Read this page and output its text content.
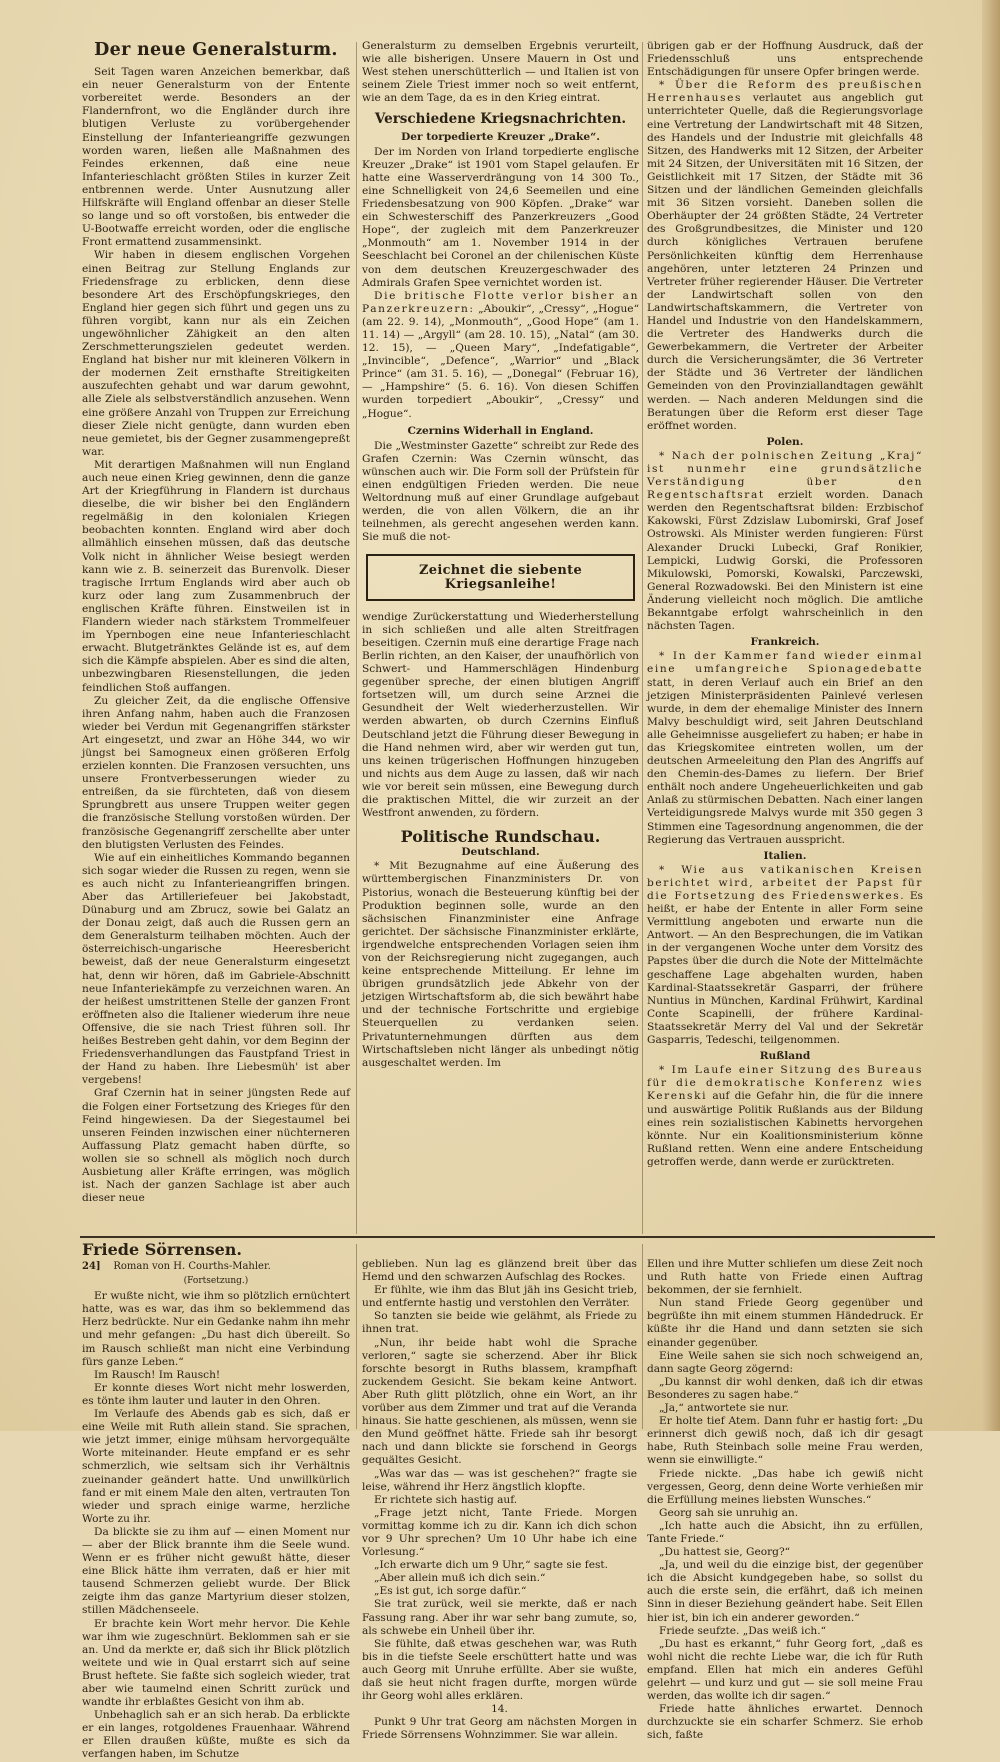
Der neue Generalsturm.

Seit Tagen waren Anzeichen bemerkbar, daß ein neuer Generalsturm von der Entente vorbereitet werde. Besonders an der Flandernfront, wo die Engländer durch ihre blutigen Verluste zu vorübergehender Einstellung der Infanterieangriffe gezwungen worden waren, ließen alle Maßnahmen des Feindes erkennen, daß eine neue Infanterieschlacht größten Stiles in kurzer Zeit entbrennen werde. Unter Ausnutzung aller Hilfskräfte will England offenbar an dieser Stelle so lange und so oft vorstoßen, bis entweder die U-Bootwaffe erreicht worden, oder die englische Front ermattend zusammensinkt.

Wir haben in diesem englischen Vorgehen einen Beitrag zur Stellung Englands zur Friedensfrage zu erblicken, denn diese besondere Art des Erschöpfungskrieges, den England hier gegen sich führt und gegen uns zu führen vorgibt, kann nur als ein Zeichen ungewöhnlicher Zähigkeit an den alten Zerschmetterungszielen gedeutet werden. England hat bisher nur mit kleineren Völkern in der modernen Zeit ernsthafte Streitigkeiten auszufechten gehabt und war darum gewohnt, alle Ziele als selbstverständlich anzusehen. Wenn eine größere Anzahl von Truppen zur Erreichung dieser Ziele nicht genügte, dann wurden eben neue gemietet, bis der Gegner zusammengepreßt war.

Mit derartigen Maßnahmen will nun England auch neue einen Krieg gewinnen, denn die ganze Art der Kriegführung in Flandern ist durchaus dieselbe, die wir bisher bei den Engländern regelmäßig in den kolonialen Kriegen beobachten konnten. England wird aber doch allmählich einsehen müssen, daß das deutsche Volk nicht in ähnlicher Weise besiegt werden kann wie z. B. seinerzeit das Burenvolk. Dieser tragische Irrtum Englands wird aber auch ob kurz oder lang zum Zusammenbruch der englischen Kräfte führen. Einstweilen ist in Flandern wieder nach stärkstem Trommelfeuer im Ypernbogen eine neue Infanterieschlacht erwacht. Blutgetränktes Gelände ist es, auf dem sich die Kämpfe abspielen. Aber es sind die alten, unbezwingbaren Riesenstellungen, die jeden feindlichen Stoß auffangen.

Zu gleicher Zeit, da die englische Offensive ihren Anfang nahm, haben auch die Franzosen wieder bei Verdun mit Gegenangriffen stärkster Art eingesetzt, und zwar an Höhe 344, wo wir jüngst bei Samogneux einen größeren Erfolg erzielen konnten. Die Franzosen versuchten, uns unsere Frontverbesserungen wieder zu entreißen, da sie fürchteten, daß von diesem Sprungbrett aus unsere Truppen weiter gegen die französische Stellung vorstoßen würden. Der französische Gegenangriff zerschellte aber unter den blutigsten Verlusten des Feindes.

Wie auf ein einheitliches Kommando begannen sich sogar wieder die Russen zu regen, wenn sie es auch nicht zu Infanterieangriffen bringen. Aber das Artilleriefeuer bei Jakobstadt, Dünaburg und am Zbrucz, sowie bei Galatz an der Donau zeigt, daß auch die Russen gern an dem Generalsturm teilhaben möchten. Auch der österreichisch-ungarische Heeresbericht beweist, daß der neue Generalsturm eingesetzt hat, denn wir hören, daß im Gabriele-Abschnitt neue Infanteriekämpfe zu verzeichnen waren. An der heißest umstrittenen Stelle der ganzen Front eröffneten also die Italiener wiederum ihre neue Offensive, die sie nach Triest führen soll. Ihr heißes Bestreben geht dahin, vor dem Beginn der Friedensverhandlungen das Faustpfand Triest in der Hand zu haben. Ihre Liebesmüh' ist aber vergebens!

Graf Czernin hat in seiner jüngsten Rede auf die Folgen einer Fortsetzung des Krieges für den Feind hingewiesen. Da der Siegestaumel bei unseren Feinden inzwischen einer nüchterneren Auffassung Platz gemacht haben dürfte, so wollen sie so schnell als möglich noch durch Ausbietung aller Kräfte erringen, was möglich ist. Nach der ganzen Sachlage ist aber auch dieser neue

Generalsturm zu demselben Ergebnis verurteilt, wie alle bisherigen. Unsere Mauern in Ost und West stehen unerschütterlich — und Italien ist von seinem Ziele Triest immer noch so weit entfernt, wie an dem Tage, da es in den Krieg eintrat.

Verschiedene Kriegsnachrichten.
Der torpedierte Kreuzer „Drake“.

Der im Norden von Irland torpedierte englische Kreuzer „Drake“ ist 1901 vom Stapel gelaufen. Er hatte eine Wasserverdrängung von 14 300 To., eine Schnelligkeit von 24,6 Seemeilen und eine Friedensbesatzung von 900 Köpfen. „Drake“ war ein Schwesterschiff des Panzerkreuzers „Good Hope“, der zugleich mit dem Panzerkreuzer „Monmouth“ am 1. November 1914 in der Seeschlacht bei Coronel an der chilenischen Küste von dem deutschen Kreuzergeschwader des Admirals Grafen Spee vernichtet worden ist.

Die britische Flotte verlor bisher an Panzerkreuzern: „Aboukir“, „Cressy“, „Hogue“ (am 22. 9. 14), „Monmouth“, „Good Hope“ (am 1. 11. 14) — „Argyll“ (am 28. 10. 15), „Natal“ (am 30. 12. 15), — „Queen Mary“, „Indefatigable“, „Invincible“, „Defence“, „Warrior“ und „Black Prince“ (am 31. 5. 16), — „Donegal“ (Februar 16), — „Hampshire“ (5. 6. 16). Von diesen Schiffen wurden torpediert „Aboukir“, „Cressy“ und „Hogue“.

Czernins Widerhall in England.

Die „Westminster Gazette“ schreibt zur Rede des Grafen Czernin: Was Czernin wünscht, das wünschen auch wir. Die Form soll der Prüfstein für einen endgültigen Frieden werden. Die neue Weltordnung muß auf einer Grundlage aufgebaut werden, die von allen Völkern, die an ihr teilnehmen, als gerecht angesehen werden kann. Sie muß die not-

Zeichnet die siebente Kriegsanleihe!

wendige Zurückerstattung und Wiederherstellung in sich schließen und alle alten Streitfragen beseitigen. Czernin muß eine derartige Frage nach Berlin richten, an den Kaiser, der unaufhörlich von Schwert- und Hammerschlägen Hindenburg gegenüber spreche, der einen blutigen Angriff fortsetzen will, um durch seine Arznei die Gesundheit der Welt wiederherzustellen. Wir werden abwarten, ob durch Czernins Einfluß Deutschland jetzt die Führung dieser Bewegung in die Hand nehmen wird, aber wir werden gut tun, uns keinen trügerischen Hoffnungen hinzugeben und nichts aus dem Auge zu lassen, daß wir nach wie vor bereit sein müssen, eine Bewegung durch die praktischen Mittel, die wir zurzeit an der Westfront anwenden, zu fördern.

Politische Rundschau.
Deutschland.

* Mit Bezugnahme auf eine Äußerung des württembergischen Finanzministers Dr. von Pistorius, wonach die Besteuerung künftig bei der Produktion beginnen solle, wurde an den sächsischen Finanzminister eine Anfrage gerichtet. Der sächsische Finanzminister erklärte, irgendwelche entsprechenden Vorlagen seien ihm von der Reichsregierung nicht zugegangen, auch keine entsprechende Mitteilung. Er lehne im übrigen grundsätzlich jede Abkehr von der jetzigen Wirtschaftsform ab, die sich bewährt habe und der technische Fortschritte und ergiebige Steuerquellen zu verdanken seien. Privatunternehmungen dürften aus dem Wirtschaftsleben nicht länger als unbedingt nötig ausgeschaltet werden. Im

übrigen gab er der Hoffnung Ausdruck, daß der Friedensschluß uns entsprechende Entschädigungen für unsere Opfer bringen werde.

* Über die Reform des preußischen Herrenhauses verlautet aus angeblich gut unterrichteter Quelle, daß die Regierungsvorlage eine Vertretung der Landwirtschaft mit 48 Sitzen, des Handels und der Industrie mit gleichfalls 48 Sitzen, des Handwerks mit 12 Sitzen, der Arbeiter mit 24 Sitzen, der Universitäten mit 16 Sitzen, der Geistlichkeit mit 17 Sitzen, der Städte mit 36 Sitzen und der ländlichen Gemeinden gleichfalls mit 36 Sitzen vorsieht. Daneben sollen die Oberhäupter der 24 größten Städte, 24 Vertreter des Großgrundbesitzes, die Minister und 120 durch königliches Vertrauen berufene Persönlichkeiten künftig dem Herrenhause angehören, unter letzteren 24 Prinzen und Vertreter früher regierender Häuser. Die Vertreter der Landwirtschaft sollen von den Landwirtschaftskammern, die Vertreter von Handel und Industrie von den Handelskammern, die Vertreter des Handwerks durch die Gewerbekammern, die Vertreter der Arbeiter durch die Versicherungsämter, die 36 Vertreter der Städte und 36 Vertreter der ländlichen Gemeinden von den Provinziallandtagen gewählt werden. — Nach anderen Meldungen sind die Beratungen über die Reform erst dieser Tage eröffnet worden.

Polen.

* Nach der polnischen Zeitung „Kraj“ ist nunmehr eine grundsätzliche Verständigung über den Regentschaftsrat erzielt worden. Danach werden den Regentschaftsrat bilden: Erzbischof Kakowski, Fürst Zdzislaw Lubomirski, Graf Josef Ostrowski. Als Minister werden fungieren: Fürst Alexander Drucki Lubecki, Graf Ronikier, Lempicki, Ludwig Gorski, die Professoren Mikulowski, Pomorski, Kowalski, Parczewski, General Rozwadowski. Bei den Ministern ist eine Änderung vielleicht noch möglich. Die amtliche Bekanntgabe erfolgt wahrscheinlich in den nächsten Tagen.

Frankreich.

* In der Kammer fand wieder einmal eine umfangreiche Spionagedebatte statt, in deren Verlauf auch ein Brief an den jetzigen Ministerpräsidenten Painlevé verlesen wurde, in dem der ehemalige Minister des Innern Malvy beschuldigt wird, seit Jahren Deutschland alle Geheimnisse ausgeliefert zu haben; er habe in das Kriegskomitee eintreten wollen, um der deutschen Armeeleitung den Plan des Angriffs auf den Chemin-des-Dames zu liefern. Der Brief enthält noch andere Ungeheuerlichkeiten und gab Anlaß zu stürmischen Debatten. Nach einer langen Verteidigungsrede Malvys wurde mit 350 gegen 3 Stimmen eine Tagesordnung angenommen, die der Regierung das Vertrauen ausspricht.

Italien.

* Wie aus vatikanischen Kreisen berichtet wird, arbeitet der Papst für die Fortsetzung des Friedenswerkes. Es heißt, er habe der Entente in aller Form seine Vermittlung angeboten und erwarte nun die Antwort. — An den Besprechungen, die im Vatikan in der vergangenen Woche unter dem Vorsitz des Papstes über die durch die Note der Mittelmächte geschaffene Lage abgehalten wurden, haben Kardinal-Staatssekretär Gasparri, der frühere Nuntius in München, Kardinal Frühwirt, Kardinal Conte Scapinelli, der frühere Kardinal-Staatssekretär Merry del Val und der Sekretär Gasparris, Tedeschi, teilgenommen.

Rußland

* Im Laufe einer Sitzung des Bureaus für die demokratische Konferenz wies Kerenski auf die Gefahr hin, die für die innere und auswärtige Politik Rußlands aus der Bildung eines rein sozialistischen Kabinetts hervorgehen könnte. Nur ein Koalitionsministerium könne Rußland retten. Wenn eine andere Entscheidung getroffen werde, dann werde er zurücktreten.

Friede Sörrensen.
24] Roman von H. Courths-Mahler.
(Fortsetzung.)

Er wußte nicht, wie ihm so plötzlich ernüchtert hatte, was es war, das ihm so beklemmend das Herz bedrückte. Nur ein Gedanke nahm ihn mehr und mehr gefangen: „Du hast dich übereilt. So im Rausch schließt man nicht eine Verbindung fürs ganze Leben.“

Im Rausch! Im Rausch!

Er konnte dieses Wort nicht mehr loswerden, es tönte ihm lauter und lauter in den Ohren.

Im Verlaufe des Abends gab es sich, daß er eine Weile mit Ruth allein stand. Sie sprachen, wie jetzt immer, einige mühsam hervorgequälte Worte miteinander. Heute empfand er es sehr schmerzlich, wie seltsam sich ihr Verhältnis zueinander geändert hatte. Und unwillkürlich fand er mit einem Male den alten, vertrauten Ton wieder und sprach einige warme, herzliche Worte zu ihr.

Da blickte sie zu ihm auf — einen Moment nur — aber der Blick brannte ihm die Seele wund. Wenn er es früher nicht gewußt hätte, dieser eine Blick hätte ihm verraten, daß er hier mit tausend Schmerzen geliebt wurde. Der Blick zeigte ihm das ganze Martyrium dieser stolzen, stillen Mädchenseele.

Er brachte kein Wort mehr hervor. Die Kehle war ihm wie zugeschnürt. Beklommen sah er sie an. Und da merkte er, daß sich ihr Blick plötzlich weitete und wie in Qual erstarrt sich auf seine Brust heftete. Sie faßte sich sogleich wieder, trat aber wie taumelnd einen Schritt zurück und wandte ihr erblaßtes Gesicht von ihm ab.

Unbehaglich sah er an sich herab. Da erblickte er ein langes, rotgoldenes Frauenhaar. Während er Ellen draußen küßte, mußte es sich da verfangen haben, im Schutze

geblieben. Nun lag es glänzend breit über das Hemd und den schwarzen Aufschlag des Rockes.

Er fühlte, wie ihm das Blut jäh ins Gesicht trieb, und entfernte hastig und verstohlen den Verräter.

So tanzten sie beide wie gelähmt, als Friede zu ihnen trat.

„Nun, ihr beide habt wohl die Sprache verloren,“ sagte sie scherzend. Aber ihr Blick forschte besorgt in Ruths blassem, krampfhaft zuckendem Gesicht. Sie bekam keine Antwort. Aber Ruth glitt plötzlich, ohne ein Wort, an ihr vorüber aus dem Zimmer und trat auf die Veranda hinaus. Sie hatte geschienen, als müssen, wenn sie den Mund geöffnet hätte. Friede sah ihr besorgt nach und dann blickte sie forschend in Georgs gequältes Gesicht.

„Was war das — was ist geschehen?“ fragte sie leise, während ihr Herz ängstlich klopfte.

Er richtete sich hastig auf.

„Frage jetzt nicht, Tante Friede. Morgen vormittag komme ich zu dir. Kann ich dich schon vor 9 Uhr sprechen? Um 10 Uhr habe ich eine Vorlesung.“

„Ich erwarte dich um 9 Uhr,“ sagte sie fest.

„Aber allein muß ich dich sein.“

„Es ist gut, ich sorge dafür.“

Sie trat zurück, weil sie merkte, daß er nach Fassung rang. Aber ihr war sehr bang zumute, so, als schwebe ein Unheil über ihr.

Sie fühlte, daß etwas geschehen war, was Ruth bis in die tiefste Seele erschüttert hatte und was auch Georg mit Unruhe erfüllte. Aber sie wußte, daß sie heut nicht fragen durfte, morgen würde ihr Georg wohl alles erklären.

14.

Punkt 9 Uhr trat Georg am nächsten Morgen in Friede Sörrensens Wohnzimmer. Sie war allein.

Ellen und ihre Mutter schliefen um diese Zeit noch und Ruth hatte von Friede einen Auftrag bekommen, der sie fernhielt.

Nun stand Friede Georg gegenüber und begrüßte ihn mit einem stummen Händedruck. Er küßte ihr die Hand und dann setzten sie sich einander gegenüber.

Eine Weile sahen sie sich noch schweigend an, dann sagte Georg zögernd:

„Du kannst dir wohl denken, daß ich dir etwas Besonderes zu sagen habe.“

„Ja,“ antwortete sie nur.

Er holte tief Atem. Dann fuhr er hastig fort: „Du erinnerst dich gewiß noch, daß ich dir gesagt habe, Ruth Steinbach solle meine Frau werden, wenn sie einwilligte.“

Friede nickte. „Das habe ich gewiß nicht vergessen, Georg, denn deine Worte verhießen mir die Erfüllung meines liebsten Wunsches.“

Georg sah sie unruhig an.

„Ich hatte auch die Absicht, ihn zu erfüllen, Tante Friede.“

„Du hattest sie, Georg?“

„Ja, und weil du die einzige bist, der gegenüber ich die Absicht kundgegeben habe, so sollst du auch die erste sein, die erfährt, daß ich meinen Sinn in dieser Beziehung geändert habe. Seit Ellen hier ist, bin ich ein anderer geworden.“

Friede seufzte. „Das weiß ich.“

„Du hast es erkannt,“ fuhr Georg fort, „daß es wohl nicht die rechte Liebe war, die ich für Ruth empfand. Ellen hat mich ein anderes Gefühl gelehrt — und kurz und gut — sie soll meine Frau werden, das wollte ich dir sagen.“

Friede hatte ähnliches erwartet. Dennoch durchzuckte sie ein scharfer Schmerz. Sie erhob sich, faßte
